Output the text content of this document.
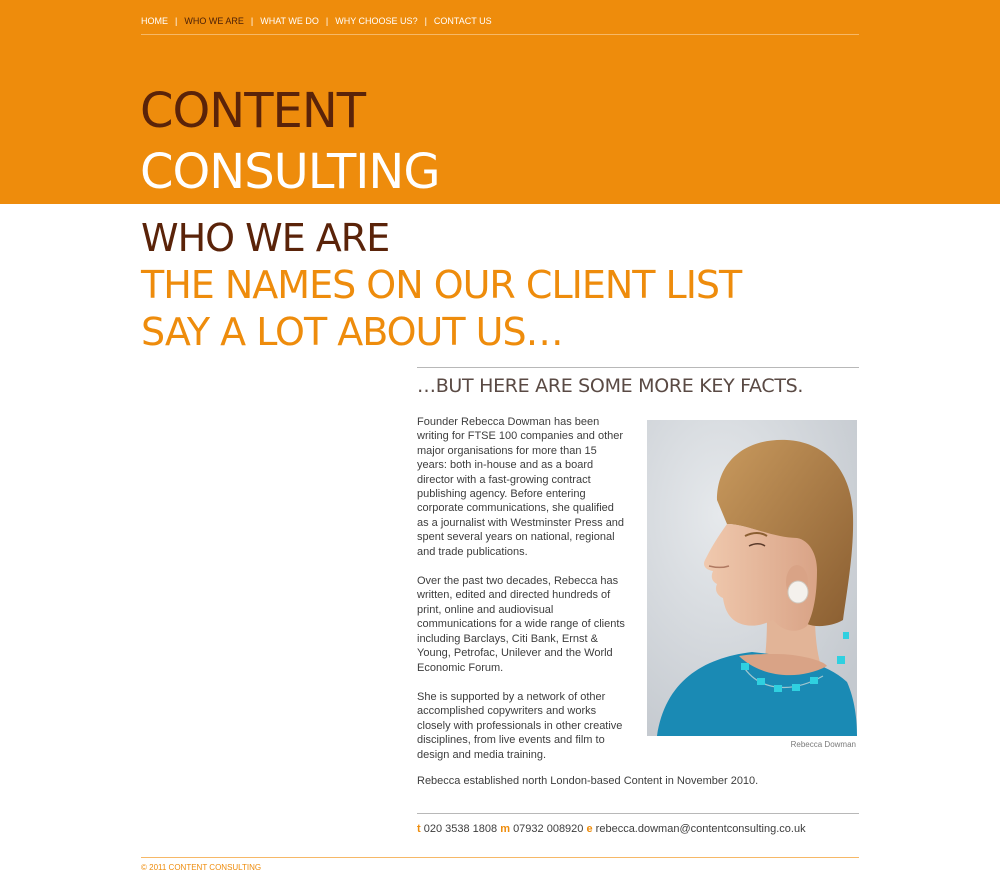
HOME | WHO WE ARE | WHAT WE DO | WHY CHOOSE US? | CONTACT US
CONTENT
CONSULTING
WHO WE ARE
THE NAMES ON OUR CLIENT LIST
SAY A LOT ABOUT US…
…BUT HERE ARE SOME MORE KEY FACTS.

Founder Rebecca Dowman has been writing for FTSE 100 companies and other major organisations for more than 15 years: both in-house and as a board director with a fast-growing contract publishing agency. Before entering corporate communications, she qualified as a journalist with Westminster Press and spent several years on national, regional and trade publications.

Over the past two decades, Rebecca has written, edited and directed hundreds of print, online and audiovisual communications for a wide range of clients including Barclays, Citi Bank, Ernst & Young, Petrofac, Unilever and the World Economic Forum.

She is supported by a network of other accomplished copywriters and works closely with professionals in other creative disciplines, from live events and film to design and media training.

Rebecca established north London-based Content in November 2010.
Rebecca Dowman
t 020 3538 1808 m 07932 008920 e rebecca.dowman@contentconsulting.co.uk
© 2011 CONTENT CONSULTING
